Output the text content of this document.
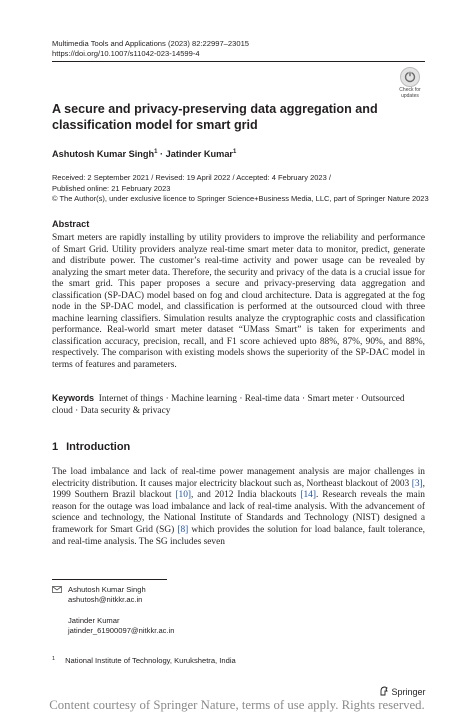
Multimedia Tools and Applications (2023) 82:22997–23015
https://doi.org/10.1007/s11042-023-14599-4
Check for
updates
A secure and privacy-preserving data aggregation and classification model for smart grid
Ashutosh Kumar Singh$^1$ · Jatinder Kumar$^1$
Received: 2 September 2021 / Revised: 19 April 2022 / Accepted: 4 February 2023 /
Published online: 21 February 2023
© The Author(s), under exclusive licence to Springer Science+Business Media, LLC, part of Springer Nature 2023
Abstract
Smart meters are rapidly installing by utility providers to improve the reliability and performance of Smart Grid. Utility providers analyze real-time smart meter data to monitor, predict, generate and distribute power. The customer’s real-time activity and power usage can be revealed by analyzing the smart meter data. Therefore, the security and privacy of the data is a crucial issue for the smart grid. This paper proposes a secure and privacy-preserving data aggregation and classification (SP-DAC) model based on fog and cloud architecture. Data is aggregated at the fog node in the SP-DAC model, and classification is performed at the outsourced cloud with three machine learning classifiers. Simulation results analyze the cryptographic costs and classification performance. Real-world smart meter dataset “UMass Smart” is taken for experiments and classification accuracy, precision, recall, and F1 score achieved upto 88%, 87%, 90%, and 88%, respectively. The comparison with existing models shows the superiority of the SP-DAC model in terms of features and parameters.
Keywords Internet of things · Machine learning · Real-time data · Smart meter · Outsourced cloud · Data security & privacy
1 Introduction
The load imbalance and lack of real-time power management analysis are major challenges in electricity distribution. It causes major electricity blackout such as, Northeast blackout of 2003 [3], 1999 Southern Brazil blackout [10], and 2012 India blackouts [14]. Research reveals the main reason for the outage was load imbalance and lack of real-time analysis. With the advancement of science and technology, the National Institute of Standards and Technology (NIST) designed a framework for Smart Grid (SG) [8] which provides the solution for load balance, fault tolerance, and real-time analysis. The SG includes seven
Ashutosh Kumar Singh
ashutosh@nitkkr.ac.in
Jatinder Kumar
jatinder_61900097@nitkkr.ac.in
$^1$ National Institute of Technology, Kurukshetra, India
Springer
Content courtesy of Springer Nature, terms of use apply. Rights reserved.
